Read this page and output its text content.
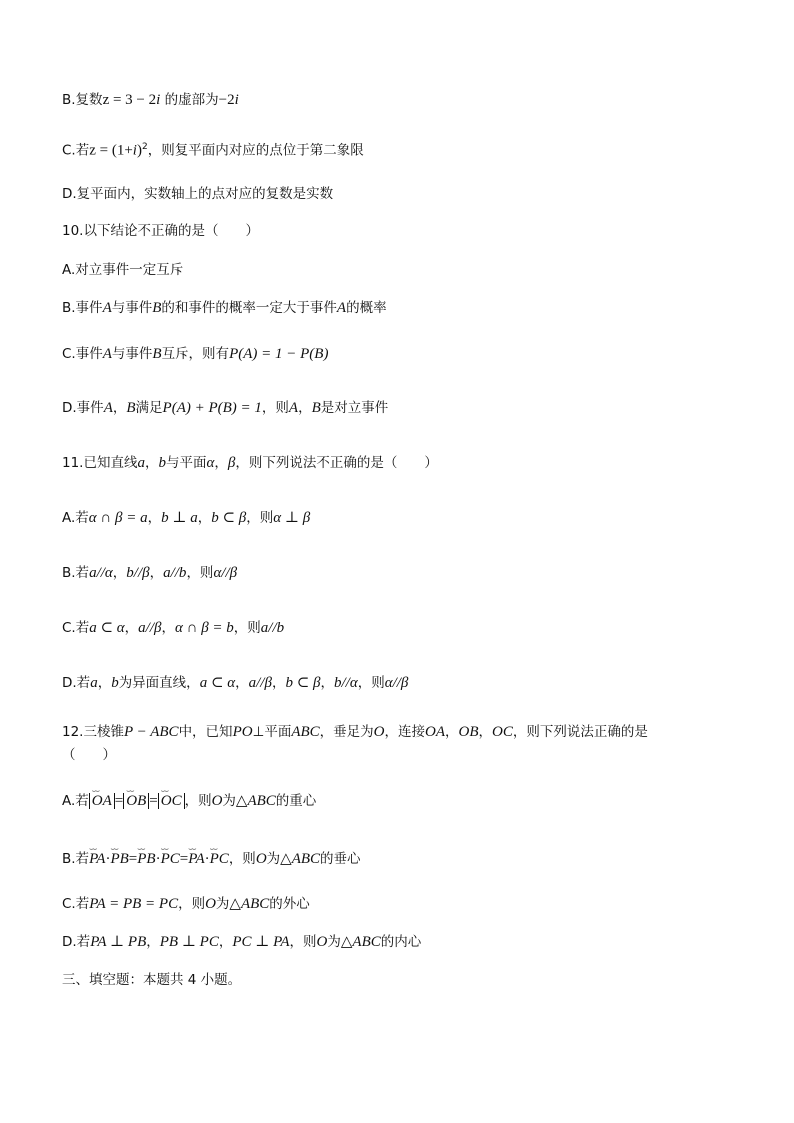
B.复数z = 3 − 2i 的虚部为−2i
C.若$z = (1+i)^2$，则复平面内对应的点位于第二象限
D.复平面内，实数轴上的点对应的复数是实数
10.以下结论不正确的是（　　）
A.对立事件一定互斥
B.事件A与事件B的和事件的概率一定大于事件A的概率
C.事件A与事件B互斥，则有P(A) = 1 − P(B)
D.事件A，B满足P(A) + P(B) = 1，则A，B是对立事件
11.已知直线a，b与平面α，β，则下列说法不正确的是（　　）
A.若α ∩ β = a，b ⊥ a，b ⊂ β，则α ⊥ β
B.若a//α，b//β，a//b，则α//β
C.若a ⊂ α，a//β，α ∩ β = b，则a//b
D.若a，b为异面直线，a ⊂ α，a//β，b ⊂ β，b//α，则α//β
12.三棱锥P − ABC中，已知PO⊥平面ABC，垂足为O，连接OA，OB，OC，则下列说法正确的是
（　　）
A.若 ⌣⌣ OA = ⌣⌣ OB = ⌣⌣ OC ，则O为△ABC的重心
B.若⌣⌣ PA·⌣⌣ PB=⌣⌣ PB·⌣⌣ PC=⌣⌣ PA·⌣⌣ PC，则O为△ABC的垂心
C.若PA = PB = PC，则O为△ABC的外心
D.若PA ⊥ PB，PB ⊥ PC，PC ⊥ PA，则O为△ABC的内心
三、填空题：本题共 4 小题。
